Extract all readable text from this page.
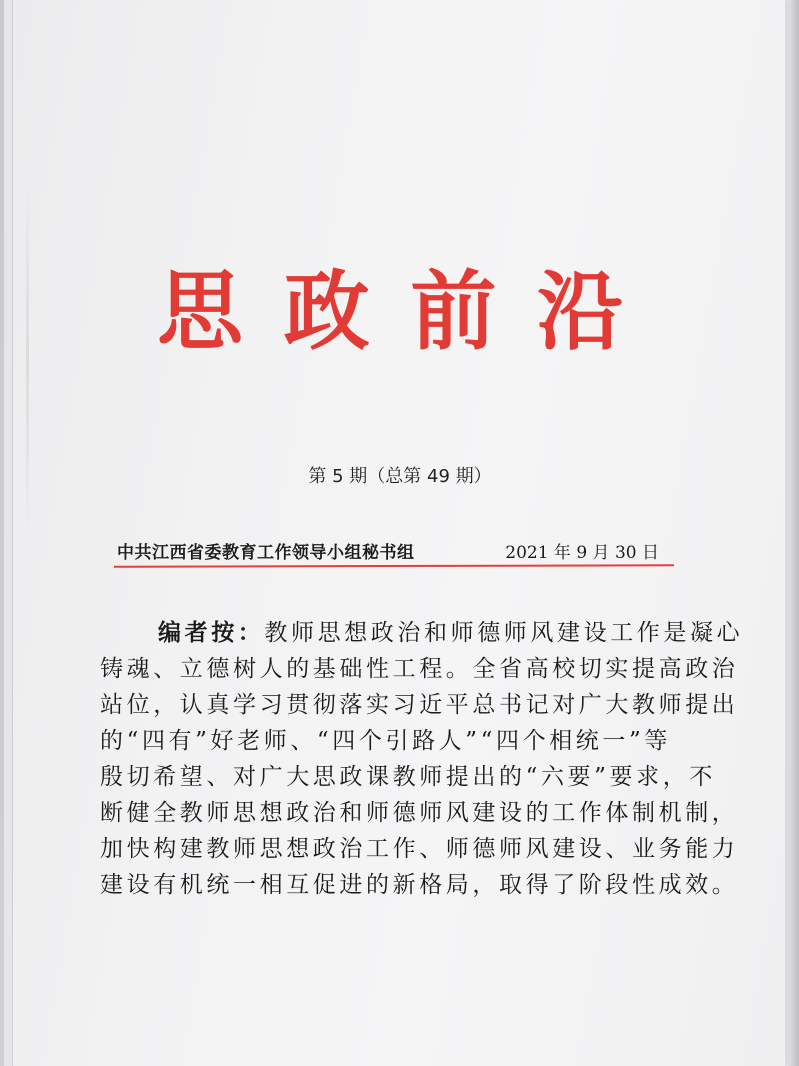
思 政 前 沿
第 5 期（总第 49 期）
中共江西省委教育工作领导小组秘书组	2021 年 9 月 30 日
编者按：教师思想政治和师德师风建设工作是凝心
铸魂、立德树人的基础性工程。全省高校切实提高政治
站位，认真学习贯彻落实习近平总书记对广大教师提出
的“四有”好老师、“四个引路人”“四个相统一”等
殷切希望、对广大思政课教师提出的“六要”要求，不
断健全教师思想政治和师德师风建设的工作体制机制，
加快构建教师思想政治工作、师德师风建设、业务能力
建设有机统一相互促进的新格局，取得了阶段性成效。
